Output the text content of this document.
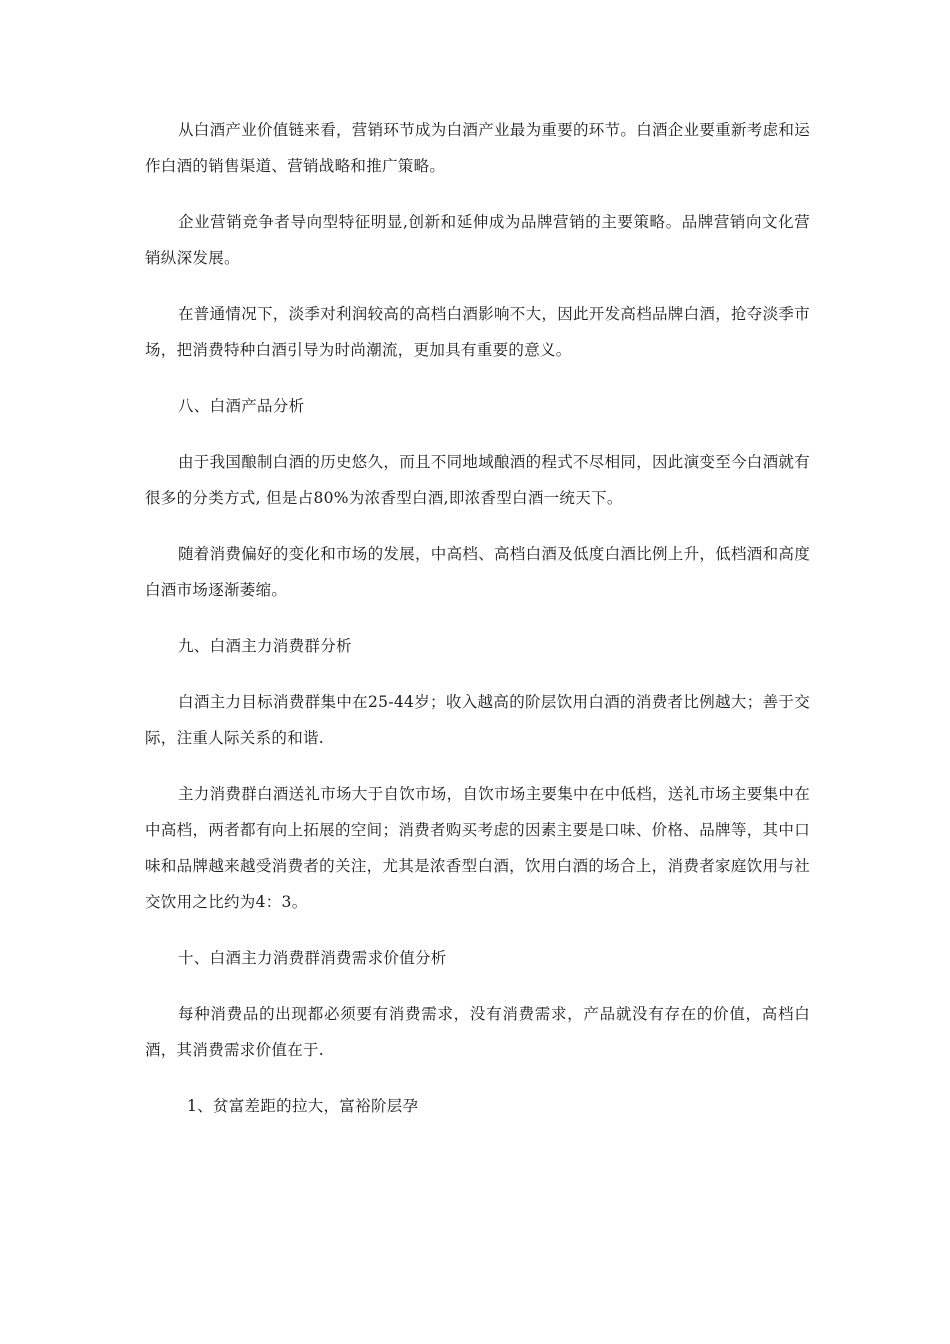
从白酒产业价值链来看，营销环节成为白酒产业最为重要的环节。白酒企业要重新考虑和运作白酒的销售渠道、营销战略和推广策略。

企业营销竞争者导向型特征明显,创新和延伸成为品牌营销的主要策略。品牌营销向文化营销纵深发展。

在普通情况下，淡季对利润较高的高档白酒影响不大，因此开发高档品牌白酒，抢夺淡季市场，把消费特种白酒引导为时尚潮流，更加具有重要的意义。

八、白酒产品分析

由于我国酿制白酒的历史悠久，而且不同地域酿酒的程式不尽相同，因此演变至今白酒就有很多的分类方式, 但是占80%为浓香型白酒,即浓香型白酒一统天下。

随着消费偏好的变化和市场的发展，中高档、高档白酒及低度白酒比例上升，低档酒和高度白酒市场逐渐萎缩。

九、白酒主力消费群分析

白酒主力目标消费群集中在25-44岁；收入越高的阶层饮用白酒的消费者比例越大；善于交际，注重人际关系的和谐.

主力消费群白酒送礼市场大于自饮市场，自饮市场主要集中在中低档，送礼市场主要集中在中高档，两者都有向上拓展的空间；消费者购买考虑的因素主要是口味、价格、品牌等，其中口味和品牌越来越受消费者的关注，尤其是浓香型白酒，饮用白酒的场合上，消费者家庭饮用与社交饮用之比约为4：3。

十、白酒主力消费群消费需求价值分析

每种消费品的出现都必须要有消费需求，没有消费需求，产品就没有存在的价值，高档白酒，其消费需求价值在于.

1、贫富差距的拉大，富裕阶层孕
